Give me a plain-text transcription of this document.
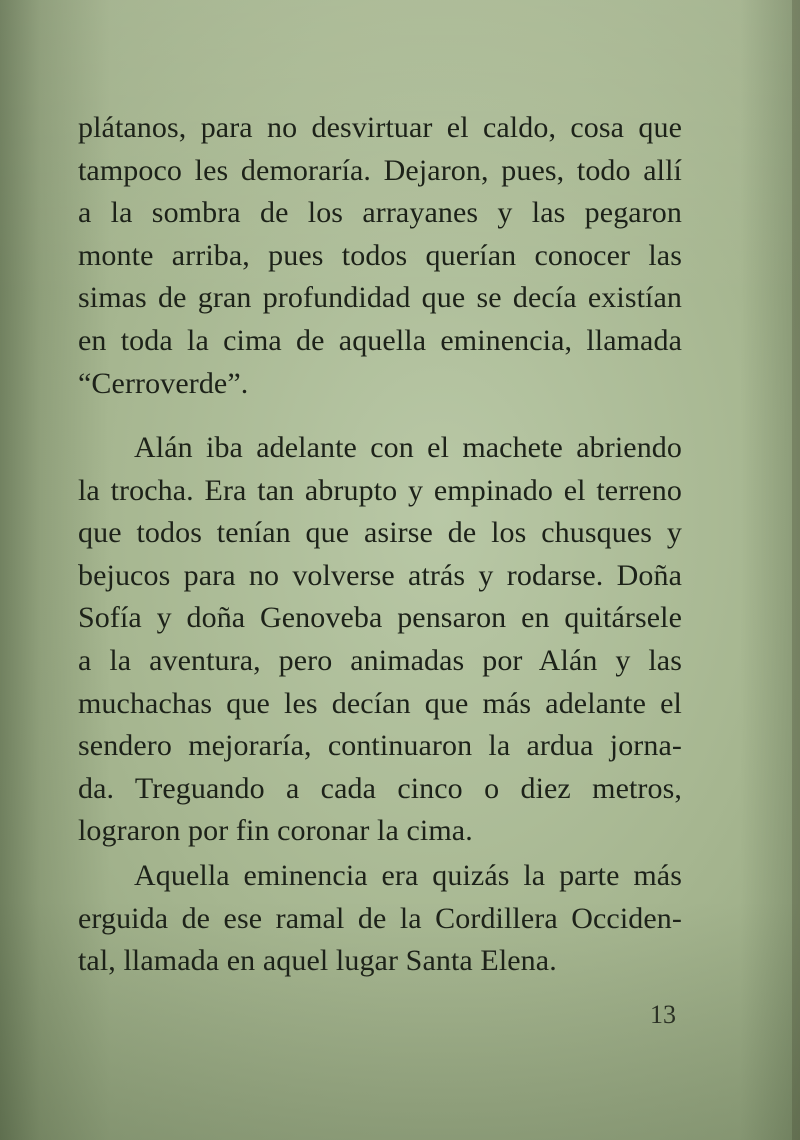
plátanos, para no desvirtuar el caldo, cosa que
tampoco les demoraría. Dejaron, pues, todo allí
a la sombra de los arrayanes y las pegaron
monte arriba, pues todos querían conocer las
simas de gran profundidad que se decía existían
en toda la cima de aquella eminencia, llamada
“Cerroverde”.
Alán iba adelante con el machete abriendo
la trocha. Era tan abrupto y empinado el terreno
que todos tenían que asirse de los chusques y
bejucos para no volverse atrás y rodarse. Doña
Sofía y doña Genoveba pensaron en quitársele
a la aventura, pero animadas por Alán y las
muchachas que les decían que más adelante el
sendero mejoraría, continuaron la ardua jorna-
da. Treguando a cada cinco o diez metros,
lograron por fin coronar la cima.
Aquella eminencia era quizás la parte más
erguida de ese ramal de la Cordillera Occiden-
tal, llamada en aquel lugar Santa Elena.
13
